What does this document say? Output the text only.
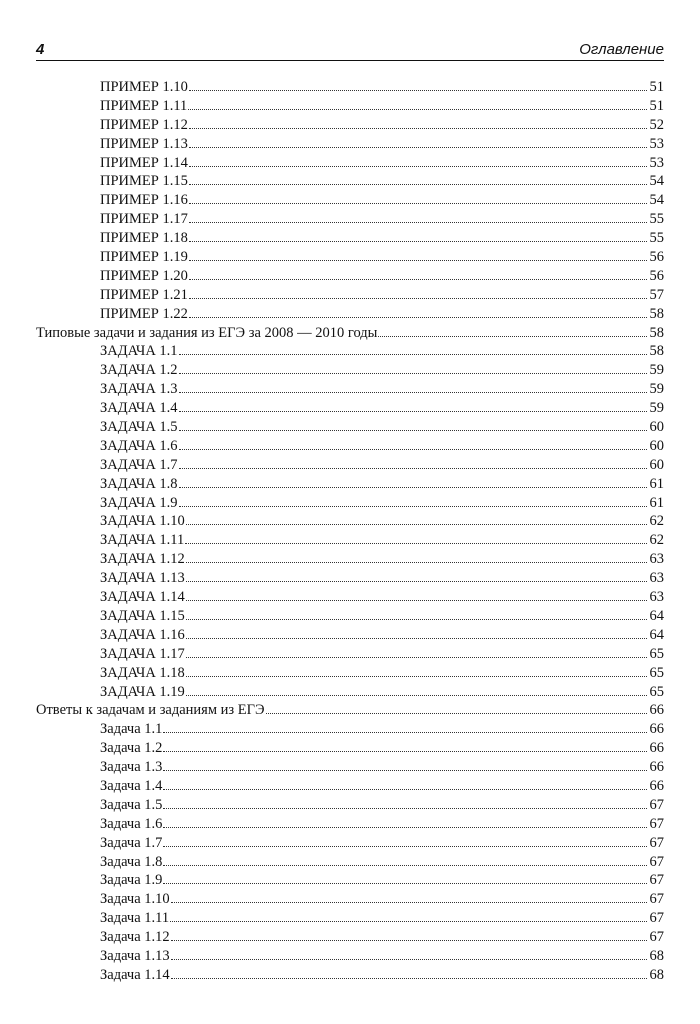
4	Оглавление
ПРИМЕР 1.10	51
ПРИМЕР 1.11	51
ПРИМЕР 1.12	52
ПРИМЕР 1.13	53
ПРИМЕР 1.14	53
ПРИМЕР 1.15	54
ПРИМЕР 1.16	54
ПРИМЕР 1.17	55
ПРИМЕР 1.18	55
ПРИМЕР 1.19	56
ПРИМЕР 1.20	56
ПРИМЕР 1.21	57
ПРИМЕР 1.22	58
Типовые задачи и задания из ЕГЭ за 2008 — 2010 годы	58
ЗАДАЧА 1.1	58
ЗАДАЧА 1.2	59
ЗАДАЧА 1.3	59
ЗАДАЧА 1.4	59
ЗАДАЧА 1.5	60
ЗАДАЧА 1.6	60
ЗАДАЧА 1.7	60
ЗАДАЧА 1.8	61
ЗАДАЧА 1.9	61
ЗАДАЧА 1.10	62
ЗАДАЧА 1.11	62
ЗАДАЧА 1.12	63
ЗАДАЧА 1.13	63
ЗАДАЧА 1.14	63
ЗАДАЧА 1.15	64
ЗАДАЧА 1.16	64
ЗАДАЧА 1.17	65
ЗАДАЧА 1.18	65
ЗАДАЧА 1.19	65
Ответы к задачам и заданиям из ЕГЭ	66
Задача 1.1	66
Задача 1.2	66
Задача 1.3	66
Задача 1.4	66
Задача 1.5	67
Задача 1.6	67
Задача 1.7	67
Задача 1.8	67
Задача 1.9	67
Задача 1.10	67
Задача 1.11	67
Задача 1.12	67
Задача 1.13	68
Задача 1.14	68
